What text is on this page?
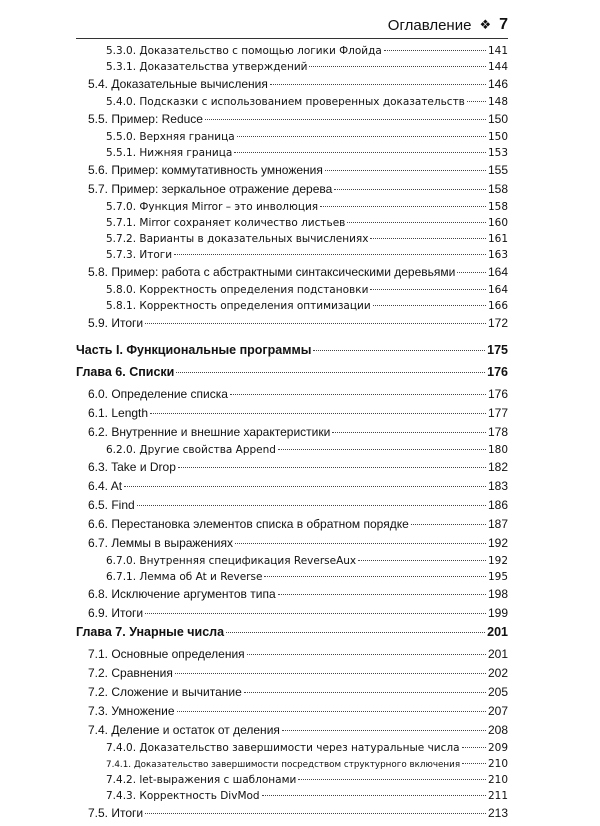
Оглавление ❖ 7
5.3.0. Доказательство с помощью логики Флойда	141
5.3.1. Доказательства утверждений	144
5.4. Доказательные вычисления	146
5.4.0. Подсказки с использованием проверенных доказательств 148
5.5. Пример: Reduce	150
5.5.0. Верхняя граница	150
5.5.1. Нижняя граница	153
5.6. Пример: коммутативность умножения	155
5.7. Пример: зеркальное отражение дерева	158
5.7.0. Функция Mirror – это инволюция	158
5.7.1. Mirror сохраняет количество листьев	160
5.7.2. Варианты в доказательных вычислениях	161
5.7.3. Итоги	163
5.8. Пример: работа с абстрактными синтаксическими деревьями	164
5.8.0. Корректность определения подстановки	164
5.8.1. Корректность определения оптимизации	166
5.9. Итоги	172
Часть I. Функциональные программы	175
Глава 6. Списки	176
6.0. Определение списка	176
6.1. Length	177
6.2. Внутренние и внешние характеристики	178
6.2.0. Другие свойства Append	180
6.3. Take и Drop	182
6.4. At	183
6.5. Find	186
6.6. Перестановка элементов списка в обратном порядке	187
6.7. Леммы в выражениях	192
6.7.0. Внутренняя спецификация ReverseAux	192
6.7.1. Лемма об At и Reverse	195
6.8. Исключение аргументов типа	198
6.9. Итоги	199
Глава 7. Унарные числа	201
7.1. Основные определения	201
7.2. Сравнения	202
7.2. Сложение и вычитание	205
7.3. Умножение	207
7.4. Деление и остаток от деления	208
7.4.0. Доказательство завершимости через натуральные числа	209
7.4.1. Доказательство завершимости посредством структурного включения	210
7.4.2. let-выражения с шаблонами	210
7.4.3. Корректность DivMod	211
7.5. Итоги	213
